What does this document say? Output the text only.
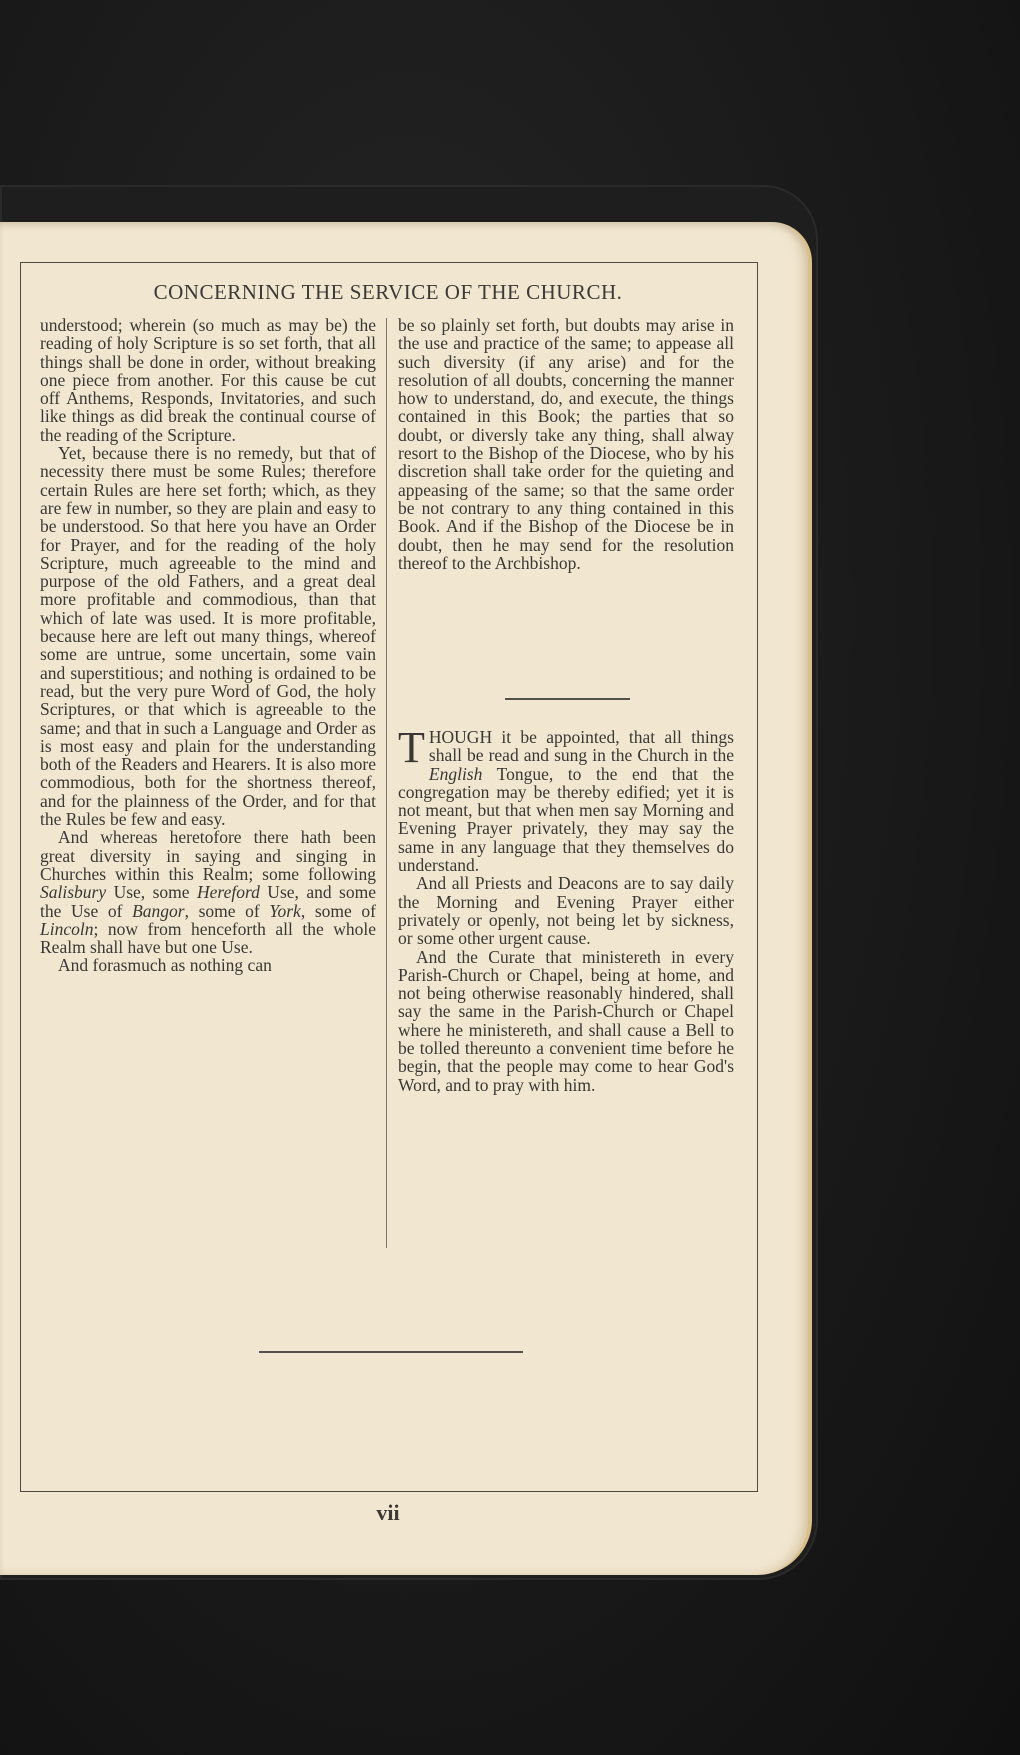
CONCERNING THE SERVICE OF THE CHURCH.

understood; wherein (so much as may be) the reading of holy Scripture is so set forth, that all things shall be done in order, without breaking one piece from another. For this cause be cut off Anthems, Responds, Invitatories, and such like things as did break the continual course of the reading of the Scripture.

Yet, because there is no remedy, but that of necessity there must be some Rules; therefore certain Rules are here set forth; which, as they are few in number, so they are plain and easy to be understood. So that here you have an Order for Prayer, and for the reading of the holy Scripture, much agreeable to the mind and purpose of the old Fathers, and a great deal more profitable and commodious, than that which of late was used. It is more profitable, because here are left out many things, whereof some are untrue, some uncertain, some vain and superstitious; and nothing is ordained to be read, but the very pure Word of God, the holy Scriptures, or that which is agreeable to the same; and that in such a Language and Order as is most easy and plain for the understanding both of the Readers and Hearers. It is also more commodious, both for the shortness thereof, and for the plainness of the Order, and for that the Rules be few and easy.

And whereas heretofore there hath been great diversity in saying and singing in Churches within this Realm; some following Salisbury Use, some Hereford Use, and some the Use of Bangor, some of York, some of Lincoln; now from henceforth all the whole Realm shall have but one Use.

And forasmuch as nothing can

be so plainly set forth, but doubts may arise in the use and practice of the same; to appease all such diversity (if any arise) and for the resolution of all doubts, concerning the manner how to understand, do, and execute, the things contained in this Book; the parties that so doubt, or diversly take any thing, shall alway resort to the Bishop of the Diocese, who by his discretion shall take order for the quieting and appeasing of the same; so that the same order be not contrary to any thing contained in this Book. And if the Bishop of the Diocese be in doubt, then he may send for the resolution thereof to the Archbishop.

THOUGH it be appointed, that all things shall be read and sung in the Church in the English Tongue, to the end that the congregation may be thereby edified; yet it is not meant, but that when men say Morning and Evening Prayer privately, they may say the same in any language that they themselves do understand.

And all Priests and Deacons are to say daily the Morning and Evening Prayer either privately or openly, not being let by sickness, or some other urgent cause.

And the Curate that ministereth in every Parish-Church or Chapel, being at home, and not being otherwise reasonably hindered, shall say the same in the Parish-Church or Chapel where he ministereth, and shall cause a Bell to be tolled thereunto a convenient time before he begin, that the people may come to hear God's Word, and to pray with him.

vii
